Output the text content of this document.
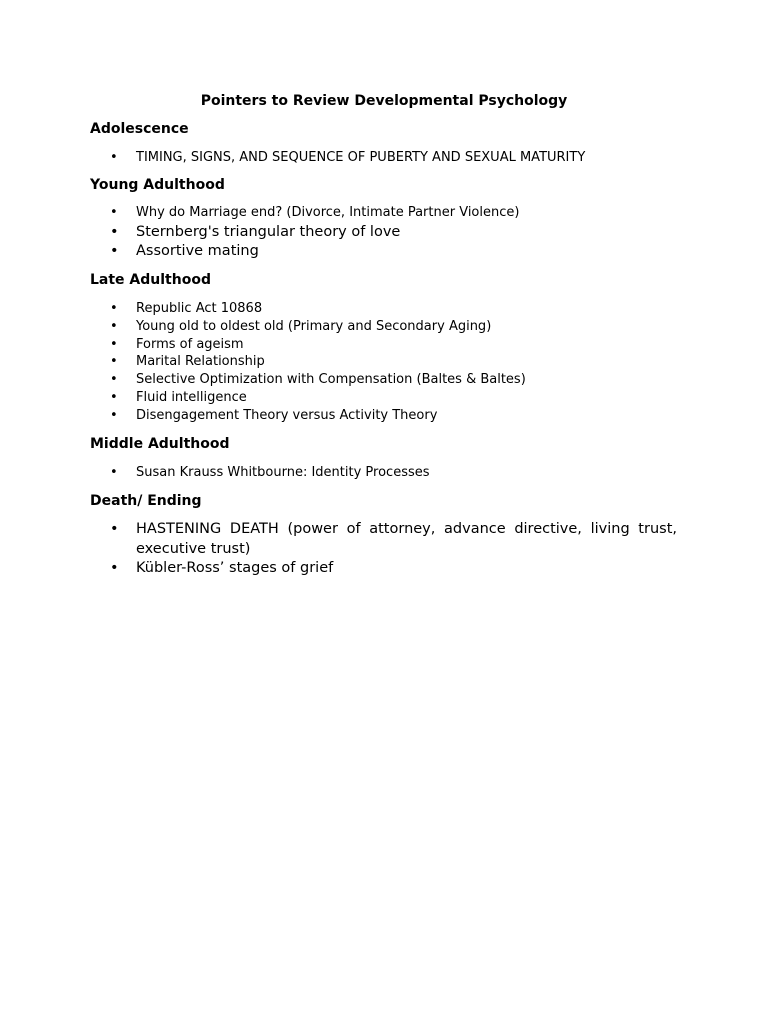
Pointers to Review Developmental Psychology
Adolescence
• TIMING, SIGNS, AND SEQUENCE OF PUBERTY AND SEXUAL MATURITY
Young Adulthood
• Why do Marriage end? (Divorce, Intimate Partner Violence)
• Sternberg's triangular theory of love
• Assortive mating
Late Adulthood
• Republic Act 10868
• Young old to oldest old (Primary and Secondary Aging)
• Forms of ageism
• Marital Relationship
• Selective Optimization with Compensation (Baltes & Baltes)
• Fluid intelligence
• Disengagement Theory versus Activity Theory
Middle Adulthood
• Susan Krauss Whitbourne: Identity Processes
Death/ Ending
• HASTENING DEATH (power of attorney, advance directive, living trust, executive trust)
• Kübler-Ross’ stages of grief
